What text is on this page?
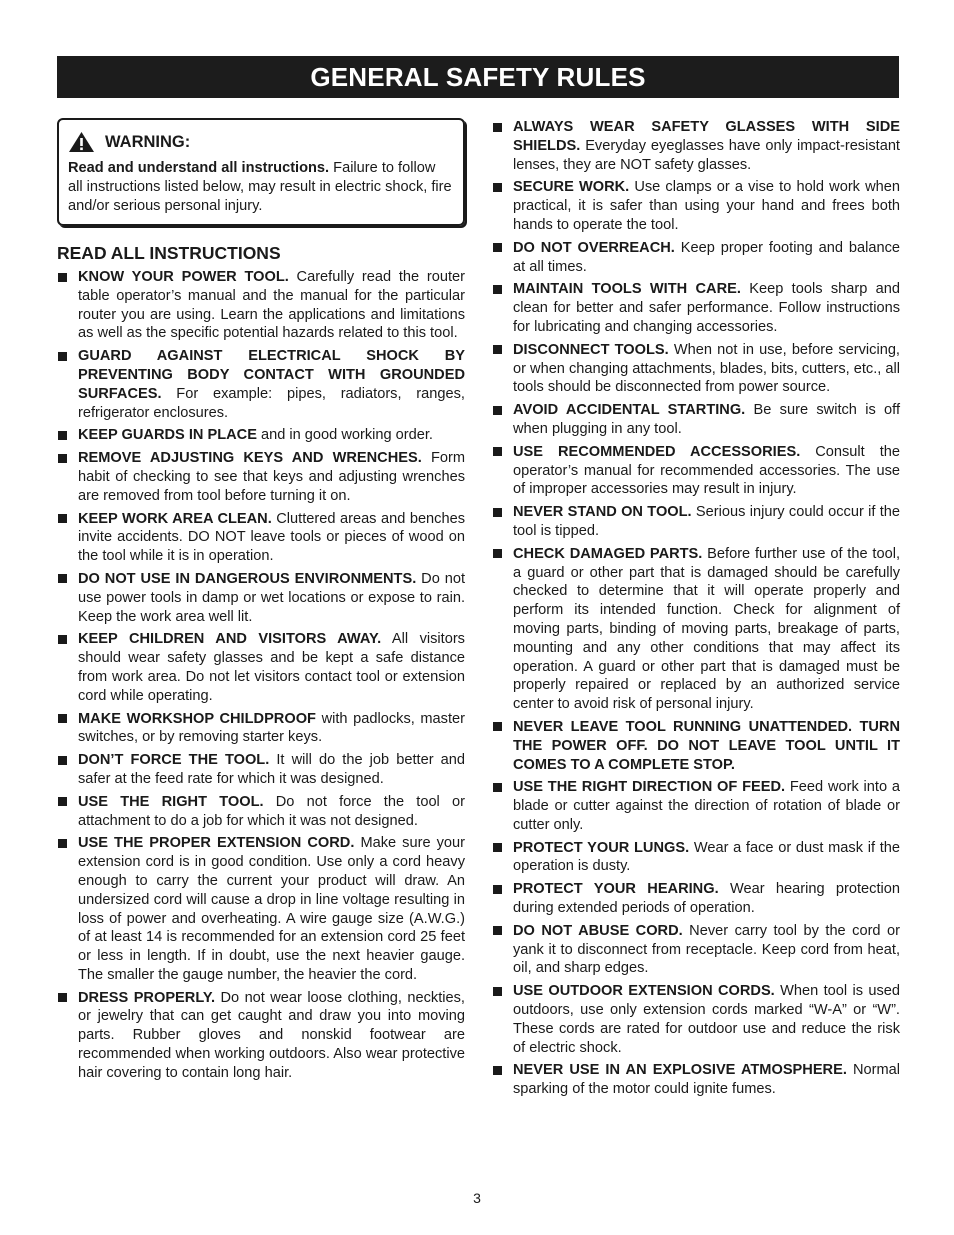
GENERAL SAFETY RULES
WARNING:
Read and understand all instructions. Failure to follow all instructions listed below, may result in electric shock, fire and/or serious personal injury.
READ ALL INSTRUCTIONS
KNOW YOUR POWER TOOL. Carefully read the router table operator’s manual and the manual for the particular router you are using. Learn the applications and limitations as well as the specific potential hazards related to this tool.
GUARD AGAINST ELECTRICAL SHOCK BY PREVENTING BODY CONTACT WITH GROUNDED SURFACES. For example: pipes, radiators, ranges, refrigerator enclosures.
KEEP GUARDS IN PLACE and in good working order.
REMOVE ADJUSTING KEYS AND WRENCHES. Form habit of checking to see that keys and adjusting wrenches are removed from tool before turning it on.
KEEP WORK AREA CLEAN. Cluttered areas and benches invite accidents. DO NOT leave tools or pieces of wood on the tool while it is in operation.
DO NOT USE IN DANGEROUS ENVIRONMENTS. Do not use power tools in damp or wet locations or expose to rain. Keep the work area well lit.
KEEP CHILDREN AND VISITORS AWAY. All visitors should wear safety glasses and be kept a safe distance from work area. Do not let visitors contact tool or extension cord while operating.
MAKE WORKSHOP CHILDPROOF with padlocks, master switches, or by removing starter keys.
DON’T FORCE THE TOOL. It will do the job better and safer at the feed rate for which it was designed.
USE THE RIGHT TOOL. Do not force the tool or attachment to do a job for which it was not designed.
USE THE PROPER EXTENSION CORD. Make sure your extension cord is in good condition. Use only a cord heavy enough to carry the current your product will draw. An undersized cord will cause a drop in line voltage resulting in loss of power and overheating. A wire gauge size (A.W.G.) of at least 14 is recommended for an extension cord 25 feet or less in length. If in doubt, use the next heavier gauge. The smaller the gauge number, the heavier the cord.
DRESS PROPERLY. Do not wear loose clothing, neckties, or jewelry that can get caught and draw you into moving parts. Rubber gloves and nonskid footwear are recommended when working outdoors. Also wear protective hair covering to contain long hair.
ALWAYS WEAR SAFETY GLASSES WITH SIDE SHIELDS. Everyday eyeglasses have only impact-resistant lenses, they are NOT safety glasses.
SECURE WORK. Use clamps or a vise to hold work when practical, it is safer than using your hand and frees both hands to operate the tool.
DO NOT OVERREACH. Keep proper footing and balance at all times.
MAINTAIN TOOLS WITH CARE. Keep tools sharp and clean for better and safer performance. Follow instructions for lubricating and changing accessories.
DISCONNECT TOOLS. When not in use, before servicing, or when changing attachments, blades, bits, cutters, etc., all tools should be disconnected from power source.
AVOID ACCIDENTAL STARTING. Be sure switch is off when plugging in any tool.
USE RECOMMENDED ACCESSORIES. Consult the operator’s manual for recommended accessories. The use of improper accessories may result in injury.
NEVER STAND ON TOOL. Serious injury could occur if the tool is tipped.
CHECK DAMAGED PARTS. Before further use of the tool, a guard or other part that is damaged should be carefully checked to determine that it will operate properly and perform its intended function. Check for alignment of moving parts, binding of moving parts, breakage of parts, mounting and any other conditions that may affect its operation. A guard or other part that is damaged must be properly repaired or replaced by an authorized service center to avoid risk of personal injury.
NEVER LEAVE TOOL RUNNING UNATTENDED. TURN THE POWER OFF. DO NOT LEAVE TOOL UNTIL IT COMES TO A COMPLETE STOP.
USE THE RIGHT DIRECTION OF FEED. Feed work into a blade or cutter against the direction of rotation of blade or cutter only.
PROTECT YOUR LUNGS. Wear a face or dust mask if the operation is dusty.
PROTECT YOUR HEARING. Wear hearing protection during extended periods of operation.
DO NOT ABUSE CORD. Never carry tool by the cord or yank it to disconnect from receptacle. Keep cord from heat, oil, and sharp edges.
USE OUTDOOR EXTENSION CORDS. When tool is used outdoors, use only extension cords marked “W-A” or “W”. These cords are rated for outdoor use and reduce the risk of electric shock.
NEVER USE IN AN EXPLOSIVE ATMOSPHERE. Normal sparking of the motor could ignite fumes.
3
